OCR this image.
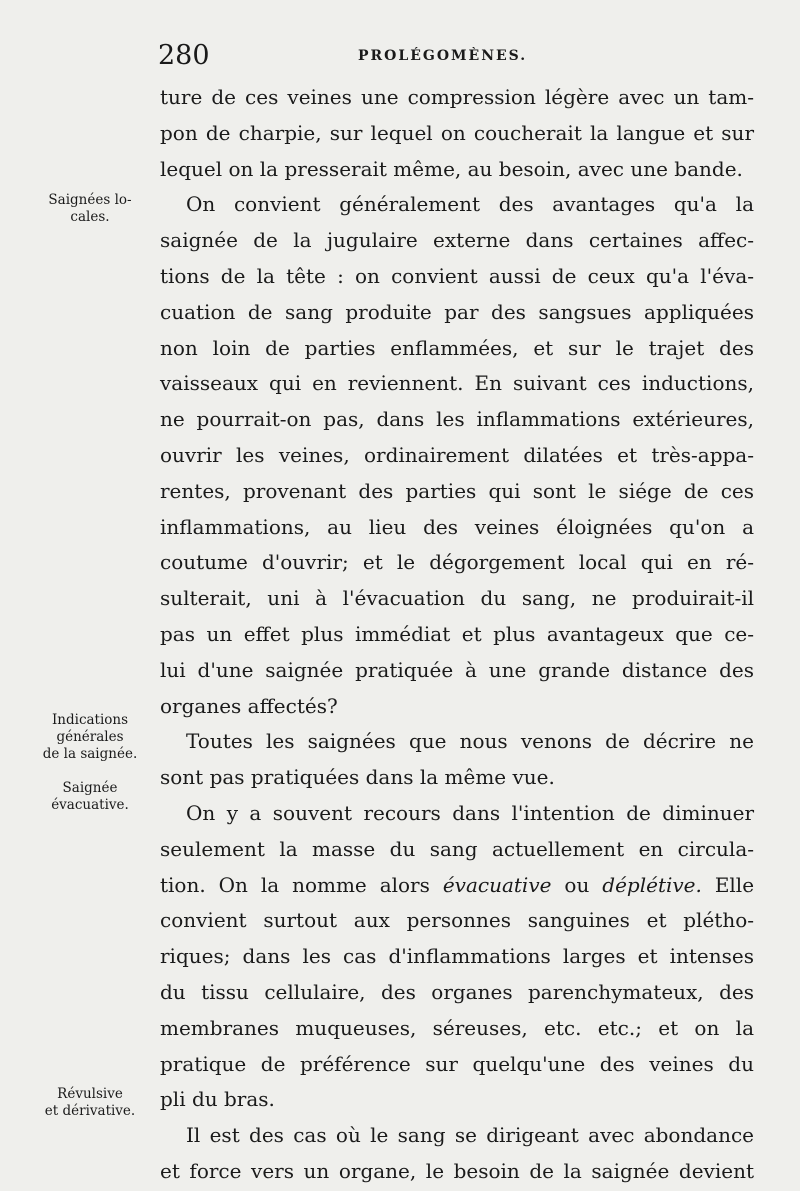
280	PROLÉGOMÈNES.
Saignées lo-
cales.
Indications
générales
de la saignée.
Saignée
évacuative.
Révulsive
et dérivative.
ture de ces veines une compression légère avec un tam-
pon de charpie, sur lequel on coucherait la langue et sur
lequel on la presserait même, au besoin, avec une bande.
On convient généralement des avantages qu'a la
saignée de la jugulaire externe dans certaines affec-
tions de la tête : on convient aussi de ceux qu'a l'éva-
cuation de sang produite par des sangsues appliquées
non loin de parties enflammées, et sur le trajet des
vaisseaux qui en reviennent. En suivant ces inductions,
ne pourrait-on pas, dans les inflammations extérieures,
ouvrir les veines, ordinairement dilatées et très-appa-
rentes, provenant des parties qui sont le siége de ces
inflammations, au lieu des veines éloignées qu'on a
coutume d'ouvrir; et le dégorgement local qui en ré-
sulterait, uni à l'évacuation du sang, ne produirait-il
pas un effet plus immédiat et plus avantageux que ce-
lui d'une saignée pratiquée à une grande distance des
organes affectés?
Toutes les saignées que nous venons de décrire ne
sont pas pratiquées dans la même vue.
On y a souvent recours dans l'intention de diminuer
seulement la masse du sang actuellement en circula-
tion. On la nomme alors évacuative ou déplétive. Elle
convient surtout aux personnes sanguines et plétho-
riques; dans les cas d'inflammations larges et intenses
du tissu cellulaire, des organes parenchymateux, des
membranes muqueuses, séreuses, etc. etc.; et on la
pratique de préférence sur quelqu'une des veines du
pli du bras.
Il est des cas où le sang se dirigeant avec abondance
et force vers un organe, le besoin de la saignée devient
